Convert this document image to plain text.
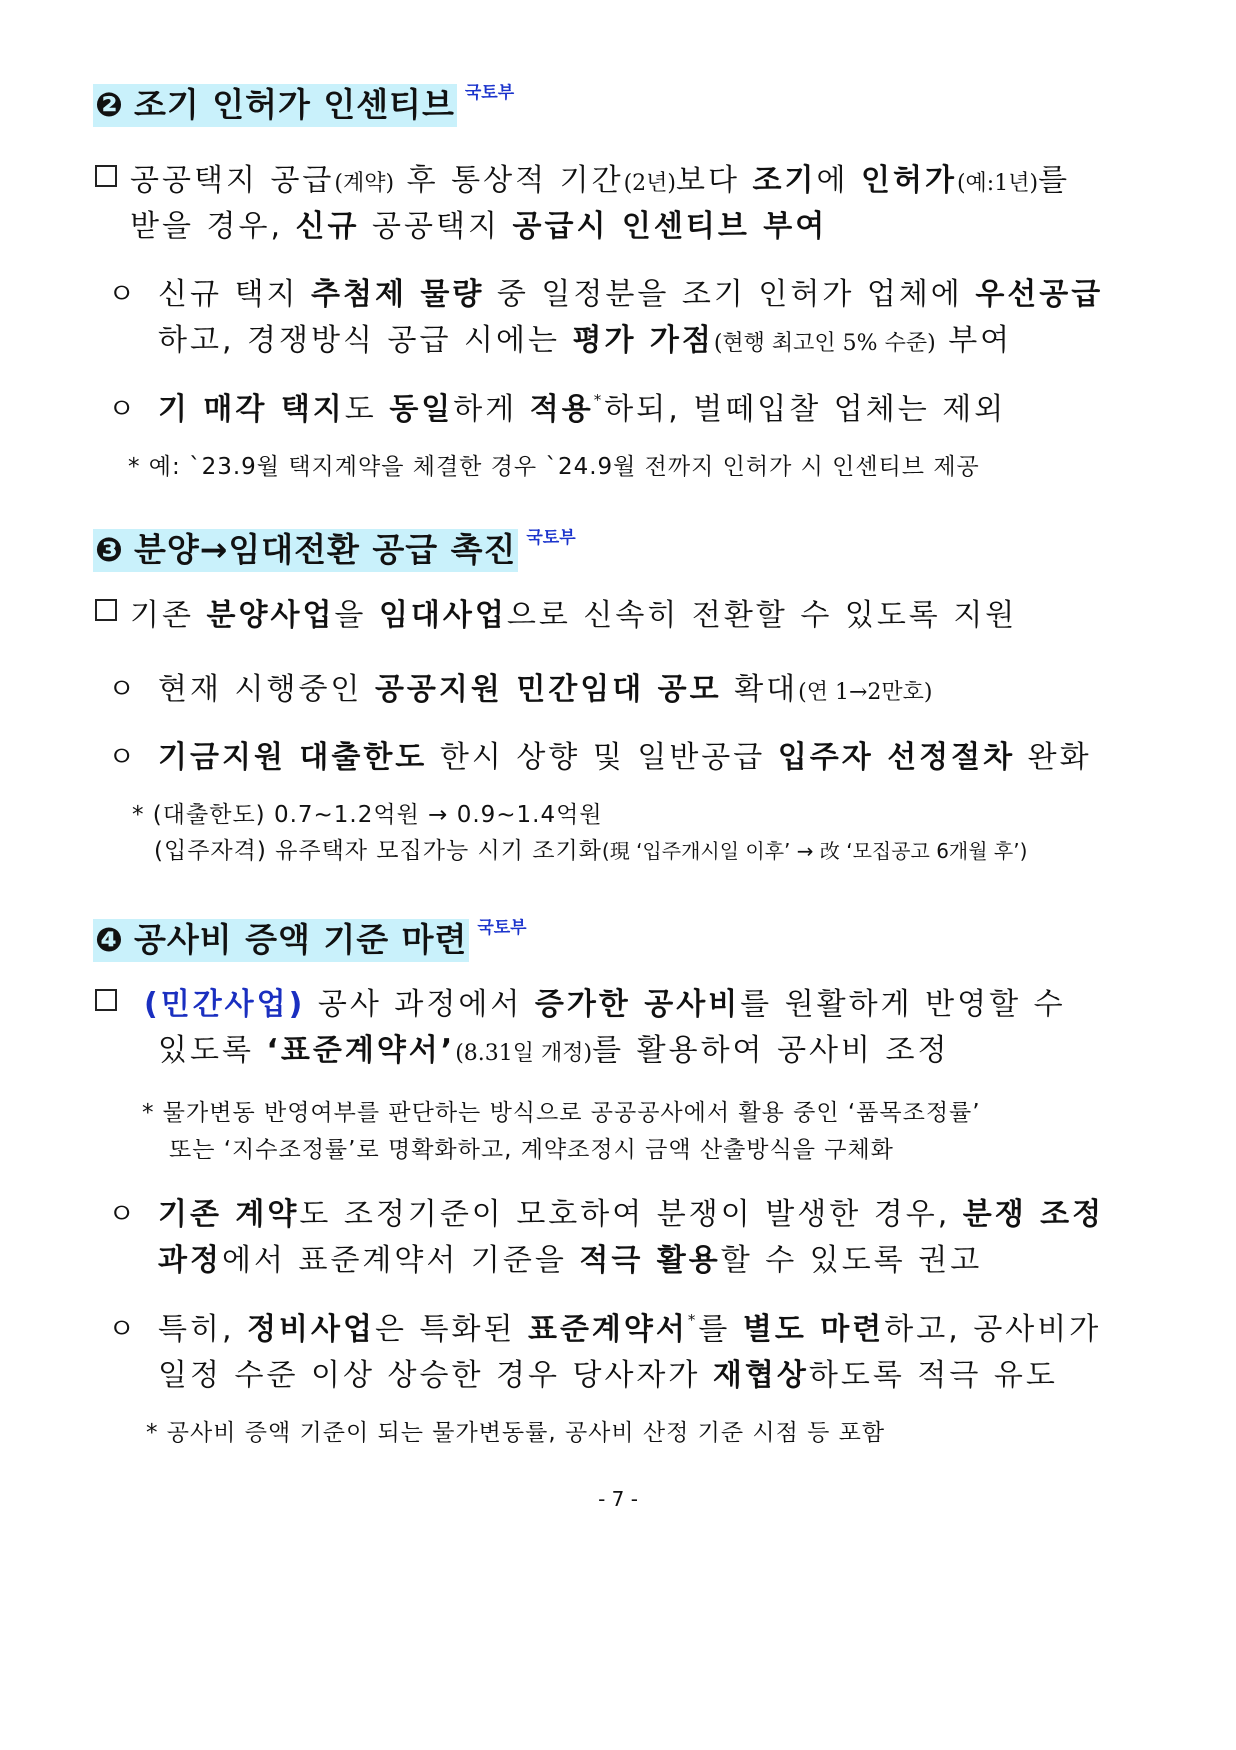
❷ 조기 인허가 인센티브 $^{국토부}$
공공택지 공급(계약) 후 통상적 기간(2년)보다 조기에 인허가(예:1년)를
받을 경우, 신규 공공택지 공급시 인센티브 부여
ㅇ 신규 택지 추첨제 물량 중 일정분을 조기 인허가 업체에 우선공급
하고, 경쟁방식 공급 시에는 평가 가점(현행 최고인 5% 수준) 부여
ㅇ 기 매각 택지도 동일하게 적용*하되, 벌떼입찰 업체는 제외
* 예: `23.9월 택지계약을 체결한 경우 `24.9월 전까지 인허가 시 인센티브 제공
❸ 분양→임대전환 공급 촉진 $^{국토부}$
기존 분양사업을 임대사업으로 신속히 전환할 수 있도록 지원
ㅇ 현재 시행중인 공공지원 민간임대 공모 확대(연 1→2만호)
ㅇ 기금지원 대출한도 한시 상향 및 일반공급 입주자 선정절차 완화
* (대출한도) 0.7~1.2억원 → 0.9~1.4억원
(입주자격) 유주택자 모집가능 시기 조기화(現 ‘입주개시일 이후’ → 改 ‘모집공고 6개월 후’)
❹ 공사비 증액 기준 마련 $^{국토부}$
(민간사업) 공사 과정에서 증가한 공사비를 원활하게 반영할 수
있도록 ‘표준계약서’(8.31일 개정)를 활용하여 공사비 조정
* 물가변동 반영여부를 판단하는 방식으로 공공공사에서 활용 중인 ‘품목조정률’
또는 ‘지수조정률’로 명확화하고, 계약조정시 금액 산출방식을 구체화
ㅇ 기존 계약도 조정기준이 모호하여 분쟁이 발생한 경우, 분쟁 조정
과정에서 표준계약서 기준을 적극 활용할 수 있도록 권고
ㅇ 특히, 정비사업은 특화된 표준계약서*를 별도 마련하고, 공사비가
일정 수준 이상 상승한 경우 당사자가 재협상하도록 적극 유도
* 공사비 증액 기준이 되는 물가변동률, 공사비 산정 기준 시점 등 포함
- 7 -
